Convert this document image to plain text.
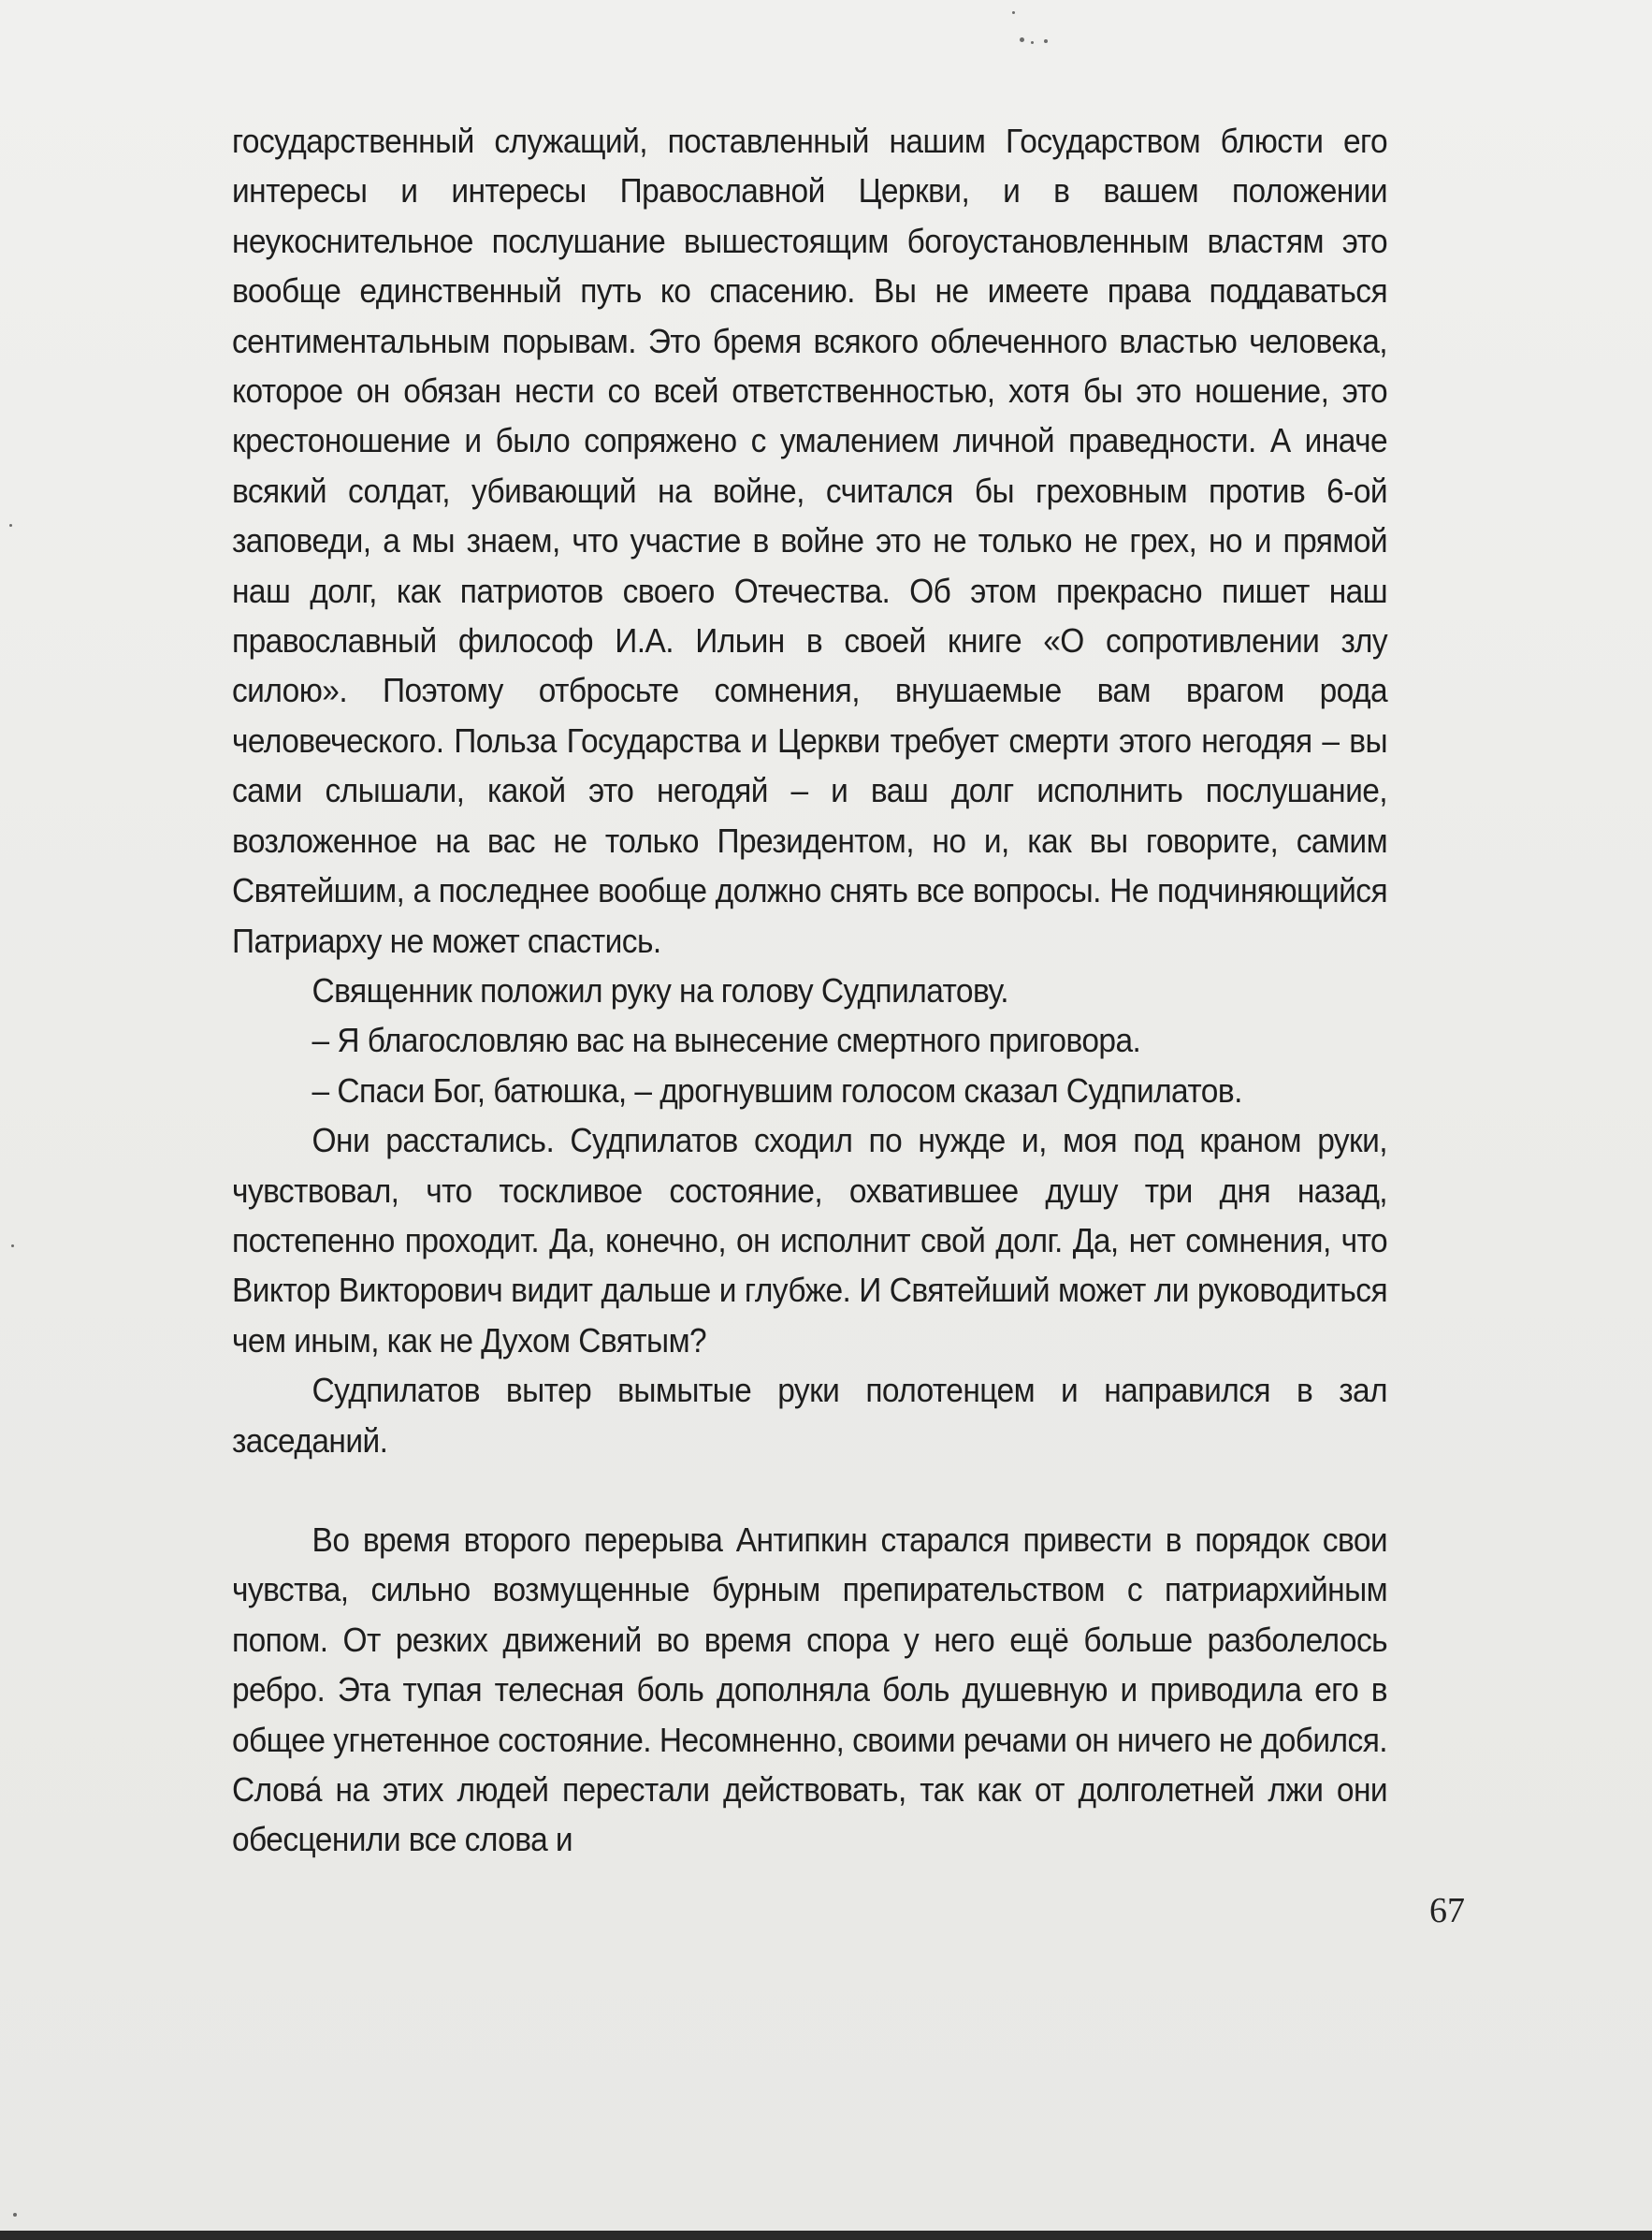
государственный служащий, поставленный нашим Государством блюсти его интересы и интересы Православной Церкви, и в вашем положении неукоснительное послушание вышестоящим богоустановленным властям это вообще единственный путь ко спасению. Вы не имеете права поддаваться сентиментальным порывам. Это бремя всякого облеченного властью человека, которое он обязан нести со всей ответственностью, хотя бы это ношение, это крестоношение и было сопряжено с умалением личной праведности. А иначе всякий солдат, убивающий на войне, считался бы греховным против 6-ой заповеди, а мы знаем, что участие в войне это не только не грех, но и прямой наш долг, как патриотов своего Отечества. Об этом прекрасно пишет наш православный философ И.А. Ильин в своей книге «О сопротивлении злу силою». Поэтому отбросьте сомнения, внушаемые вам врагом рода человеческого. Польза Государства и Церкви требует смерти этого негодяя – вы сами слышали, какой это негодяй – и ваш долг исполнить послушание, возложенное на вас не только Президентом, но и, как вы говорите, самим Святейшим, а последнее вообще должно снять все вопросы. Не подчиняющийся Патриарху не может спастись.

Священник положил руку на голову Судпилатову.

– Я благословляю вас на вынесение смертного приговора.

– Спаси Бог, батюшка, – дрогнувшим голосом сказал Судпилатов.

Они расстались. Судпилатов сходил по нужде и, моя под краном руки, чувствовал, что тоскливое состояние, охватившее душу три дня назад, постепенно проходит. Да, конечно, он исполнит свой долг. Да, нет сомнения, что Виктор Викторович видит дальше и глубже. И Святейший может ли руководиться чем иным, как не Духом Святым?

Судпилатов вытер вымытые руки полотенцем и направился в зал заседаний.

Во время второго перерыва Антипкин старался привести в порядок свои чувства, сильно возмущенные бурным препирательством с патриархийным попом. От резких движений во время спора у него ещё больше разболелось ребро. Эта тупая телесная боль дополняла боль душевную и приводила его в общее угнетенное состояние. Несомненно, своими речами он ничего не добился. Слова́ на этих людей перестали действовать, так как от долголетней лжи они обесценили все слова и

67
